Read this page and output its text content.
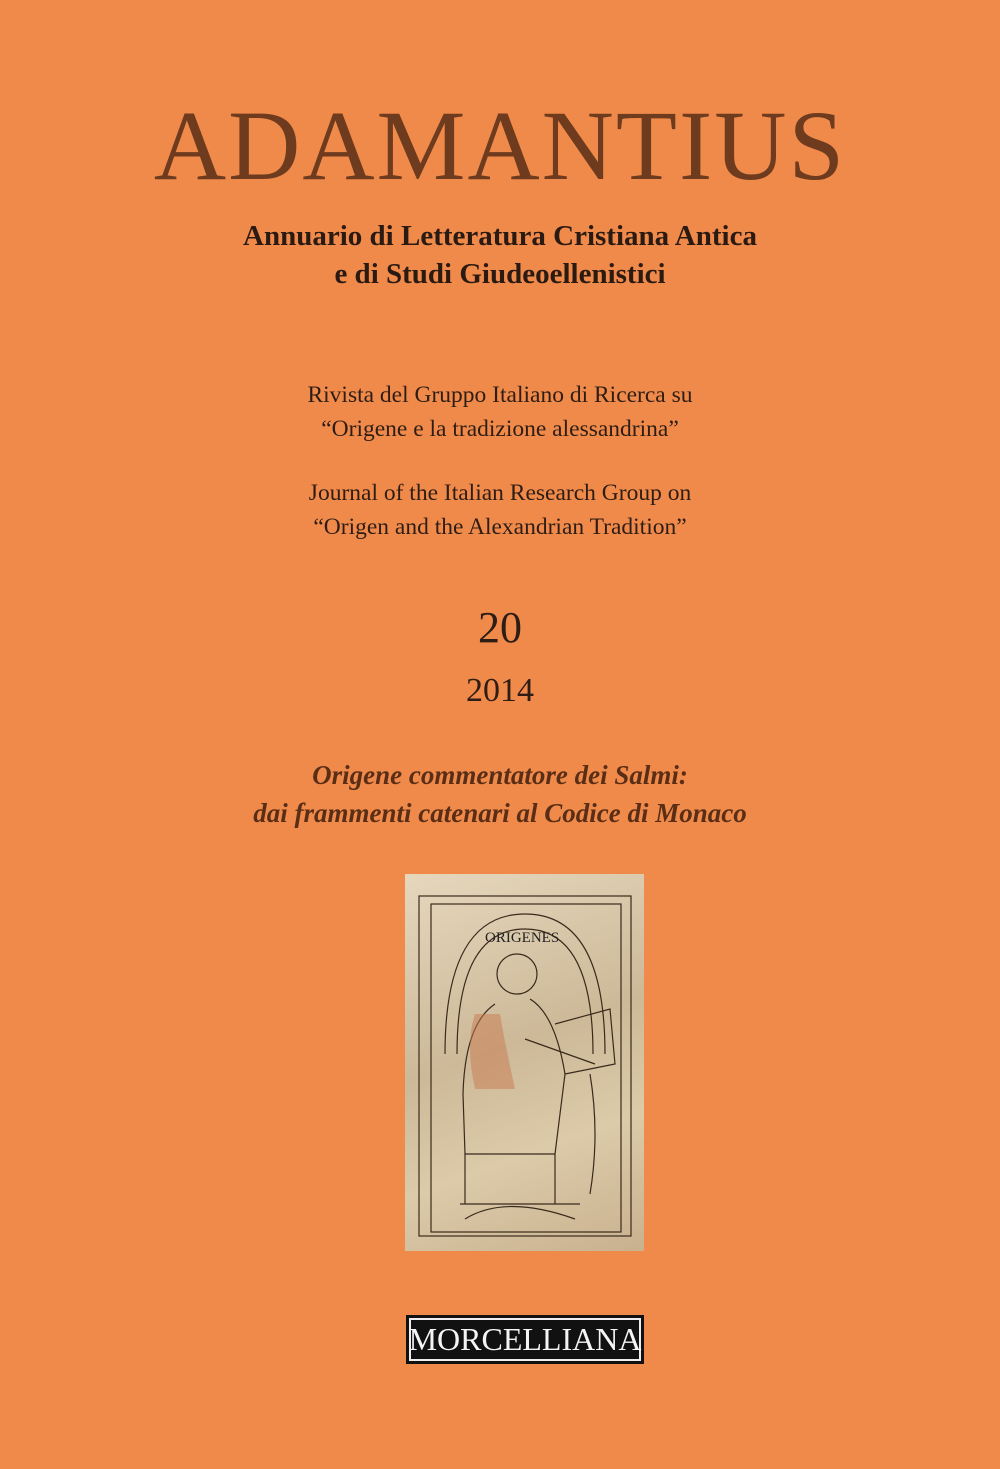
ADAMANTIUS
Annuario di Letteratura Cristiana Antica
e di Studi Giudeoellenistici
Rivista del Gruppo Italiano di Ricerca su
“Origene e la tradizione alessandrina”
Journal of the Italian Research Group on
“Origen and the Alexandrian Tradition”
20
2014
Origene commentatore dei Salmi:
dai frammenti catenari al Codice di Monaco
ORIGENES
MORCELLIANA
